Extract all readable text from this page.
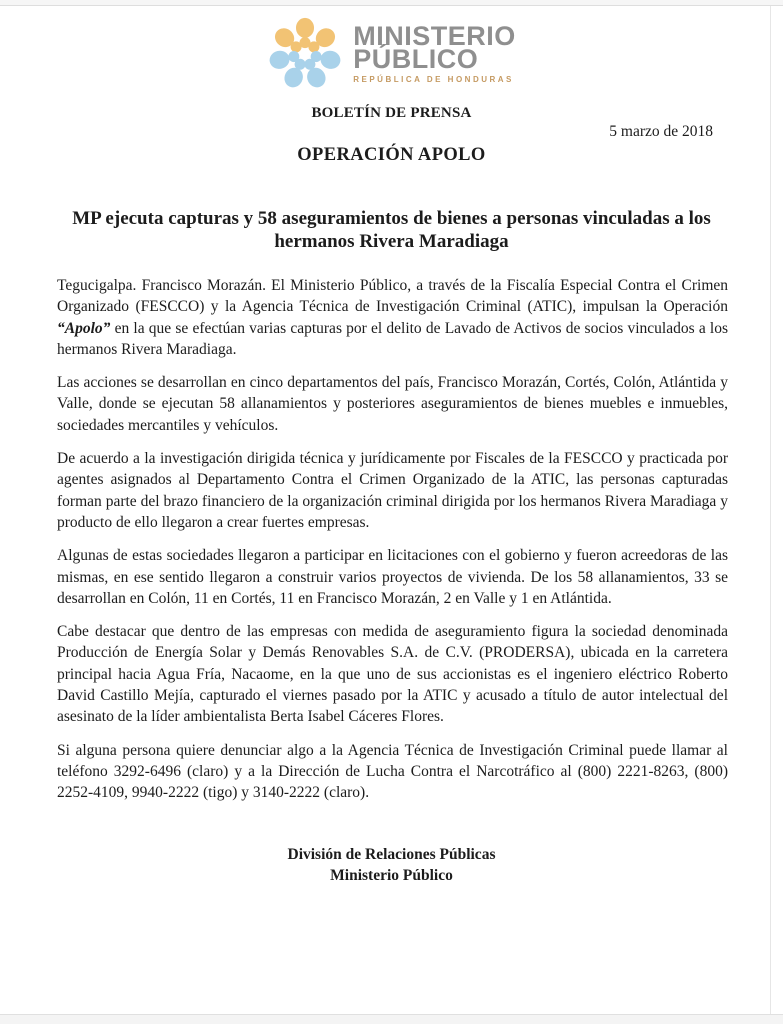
MINISTERIO
PÚBLICO
REPÚBLICA DE HONDURAS
BOLETÍN DE PRENSA
5 marzo de 2018
OPERACIÓN APOLO
MP ejecuta capturas y 58 aseguramientos de bienes a personas vinculadas a los hermanos Rivera Maradiaga

Tegucigalpa. Francisco Morazán. El Ministerio Público, a través de la Fiscalía Especial Contra el Crimen Organizado (FESCCO) y la Agencia Técnica de Investigación Criminal (ATIC), impulsan la Operación “Apolo” en la que se efectúan varias capturas por el delito de Lavado de Activos de socios vinculados a los hermanos Rivera Maradiaga.

Las acciones se desarrollan en cinco departamentos del país, Francisco Morazán, Cortés, Colón, Atlántida y Valle, donde se ejecutan 58 allanamientos y posteriores aseguramientos de bienes muebles e inmuebles, sociedades mercantiles y vehículos.

De acuerdo a la investigación dirigida técnica y jurídicamente por Fiscales de la FESCCO y practicada por agentes asignados al Departamento Contra el Crimen Organizado de la ATIC, las personas capturadas forman parte del brazo financiero de la organización criminal dirigida por los hermanos Rivera Maradiaga y producto de ello llegaron a crear fuertes empresas.

Algunas de estas sociedades llegaron a participar en licitaciones con el gobierno y fueron acreedoras de las mismas, en ese sentido llegaron a construir varios proyectos de vivienda. De los 58 allanamientos, 33 se desarrollan en Colón, 11 en Cortés, 11 en Francisco Morazán, 2 en Valle y 1 en Atlántida.

Cabe destacar que dentro de las empresas con medida de aseguramiento figura la sociedad denominada Producción de Energía Solar y Demás Renovables S.A. de C.V. (PRODERSA), ubicada en la carretera principal hacia Agua Fría, Nacaome, en la que uno de sus accionistas es el ingeniero eléctrico Roberto David Castillo Mejía, capturado el viernes pasado por la ATIC y acusado a título de autor intelectual del asesinato de la líder ambientalista Berta Isabel Cáceres Flores.

Si alguna persona quiere denunciar algo a la Agencia Técnica de Investigación Criminal puede llamar al teléfono 3292-6496 (claro) y a la Dirección de Lucha Contra el Narcotráfico al (800) 2221-8263, (800) 2252-4109, 9940-2222 (tigo) y 3140-2222 (claro).

División de Relaciones Públicas
Ministerio Público
